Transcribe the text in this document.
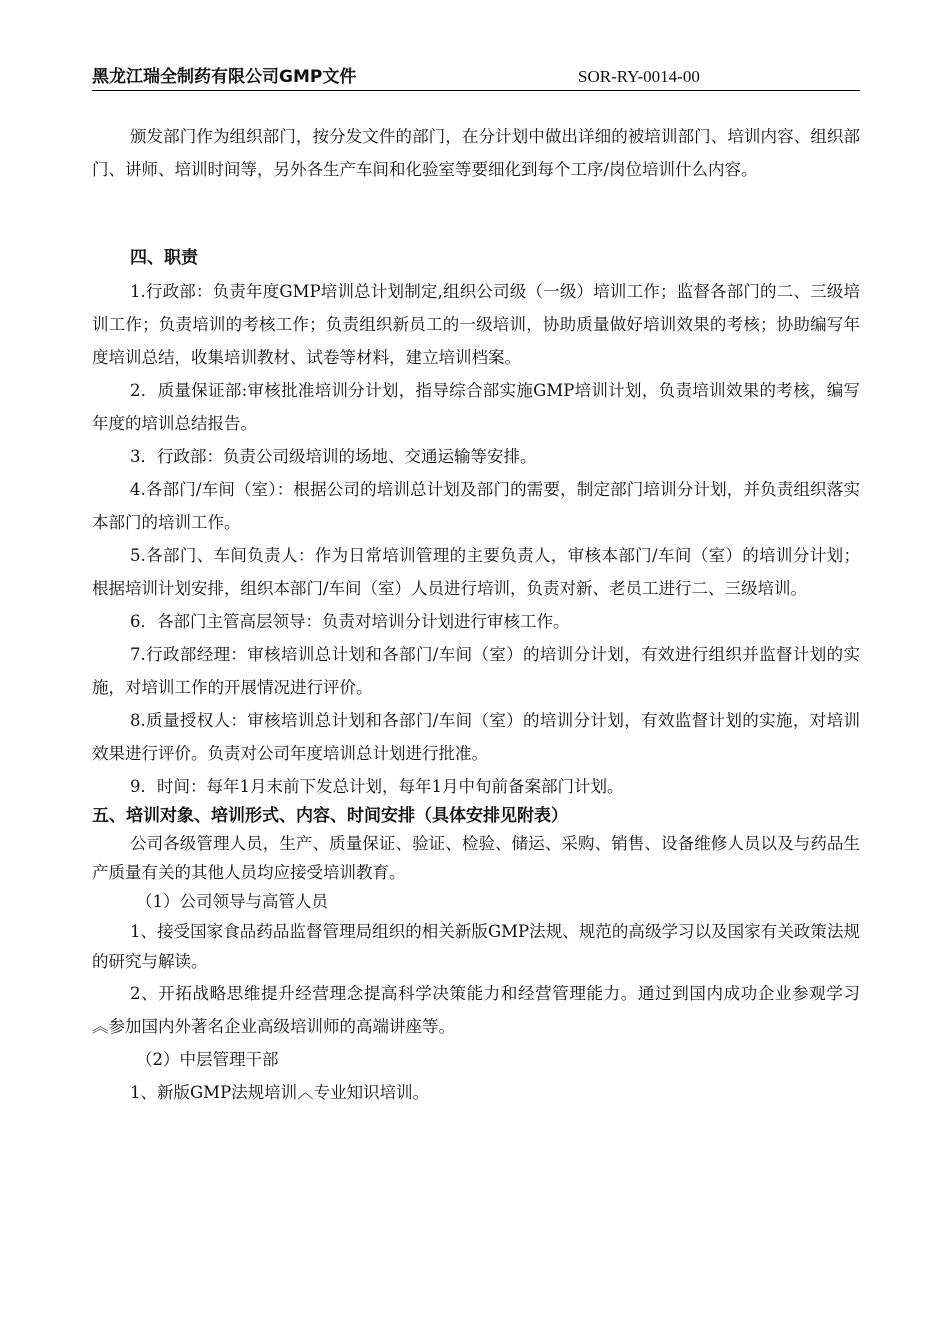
黑龙江瑞全制药有限公司GMP文件	SOR-RY-0014-00

颁发部门作为组织部门，按分发文件的部门，在分计划中做出详细的被培训部门、培训内容、组织部门、讲师、培训时间等，另外各生产车间和化验室等要细化到每个工序/岗位培训什么内容。

四、职责

1.行政部：负责年度GMP培训总计划制定,组织公司级（一级）培训工作；监督各部门的二、三级培训工作；负责培训的考核工作；负责组织新员工的一级培训，协助质量做好培训效果的考核；协助编写年度培训总结，收集培训教材、试卷等材料，建立培训档案。

2．质量保证部:审核批准培训分计划，指导综合部实施GMP培训计划，负责培训效果的考核，编写年度的培训总结报告。

3．行政部：负责公司级培训的场地、交通运输等安排。

4.各部门/车间（室）：根据公司的培训总计划及部门的需要，制定部门培训分计划，并负责组织落实本部门的培训工作。

5.各部门、车间负责人：作为日常培训管理的主要负责人，审核本部门/车间（室）的培训分计划；根据培训计划安排，组织本部门/车间（室）人员进行培训，负责对新、老员工进行二、三级培训。

6．各部门主管高层领导：负责对培训分计划进行审核工作。

7.行政部经理：审核培训总计划和各部门/车间（室）的培训分计划，有效进行组织并监督计划的实施，对培训工作的开展情况进行评价。

8.质量授权人：审核培训总计划和各部门/车间（室）的培训分计划，有效监督计划的实施，对培训效果进行评价。负责对公司年度培训总计划进行批准。

9．时间：每年1月末前下发总计划，每年1月中旬前备案部门计划。

五、培训对象、培训形式、内容、时间安排（具体安排见附表）

公司各级管理人员，生产、质量保证、验证、检验、储运、采购、销售、设备维修人员以及与药品生产质量有关的其他人员均应接受培训教育。

（1）公司领导与高管人员

1、接受国家食品药品监督管理局组织的相关新版GMP法规、规范的高级学习以及国家有关政策法规的研究与解读。

2、开拓战略思维提升经营理念提高科学决策能力和经营管理能力。通过到国内成功企业参观学习︽参加国内外著名企业高级培训师的高端讲座等。

（2）中层管理干部

1、新版GMP法规培训︿专业知识培训。
